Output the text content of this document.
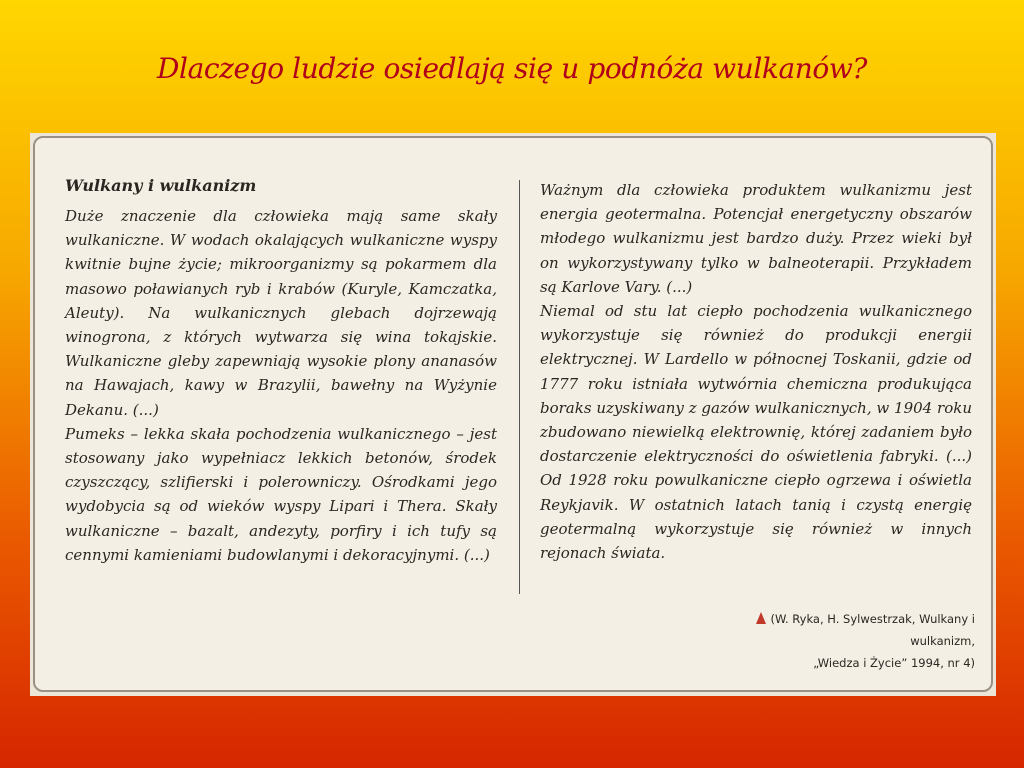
Dlaczego ludzie osiedlają się u podnóża wulkanów?
Wulkany i wulkanizm

Duże znaczenie dla człowieka mają same skały wulkaniczne. W wodach okalających wulkaniczne wyspy kwitnie bujne życie; mikroorganizmy są pokarmem dla masowo poławianych ryb i krabów (Kuryle, Kamczatka, Aleuty). Na wulkanicznych glebach dojrzewają winogrona, z których wytwarza się wina tokajskie. Wulkaniczne gleby zapewniają wysokie plony ananasów na Hawajach, kawy w Brazylii, bawełny na Wyżynie Dekanu. (...)

Pumeks – lekka skała pochodzenia wulkanicznego – jest stosowany jako wypełniacz lekkich betonów, środek czyszczący, szlifierski i polerowniczy. Ośrodkami jego wydobycia są od wieków wyspy Lipari i Thera. Skały wulkaniczne – bazalt, andezyty, porfiry i ich tufy są cennymi kamieniami budowlanymi i dekoracyjnymi. (...)

Ważnym dla człowieka produktem wulkanizmu jest energia geotermalna. Potencjał energetyczny obszarów młodego wulkanizmu jest bardzo duży. Przez wieki był on wykorzystywany tylko w balneoterapii. Przykładem są Karlove Vary. (...)

Niemal od stu lat ciepło pochodzenia wulkanicznego wykorzystuje się również do produkcji energii elektrycznej. W Lardello w północnej Toskanii, gdzie od 1777 roku istniała wytwórnia chemiczna produkująca boraks uzyskiwany z gazów wulkanicznych, w 1904 roku zbudowano niewielką elektrownię, której zadaniem było dostarczenie elektryczności do oświetlenia fabryki. (...) Od 1928 roku powulkaniczne ciepło ogrzewa i oświetla Reykjavik. W ostatnich latach tanią i czystą energię geotermalną wykorzystuje się również w innych rejonach świata.

(W. Ryka, H. Sylwestrzak, Wulkany i wulkanizm,
„Wiedza i Życie” 1994, nr 4)
